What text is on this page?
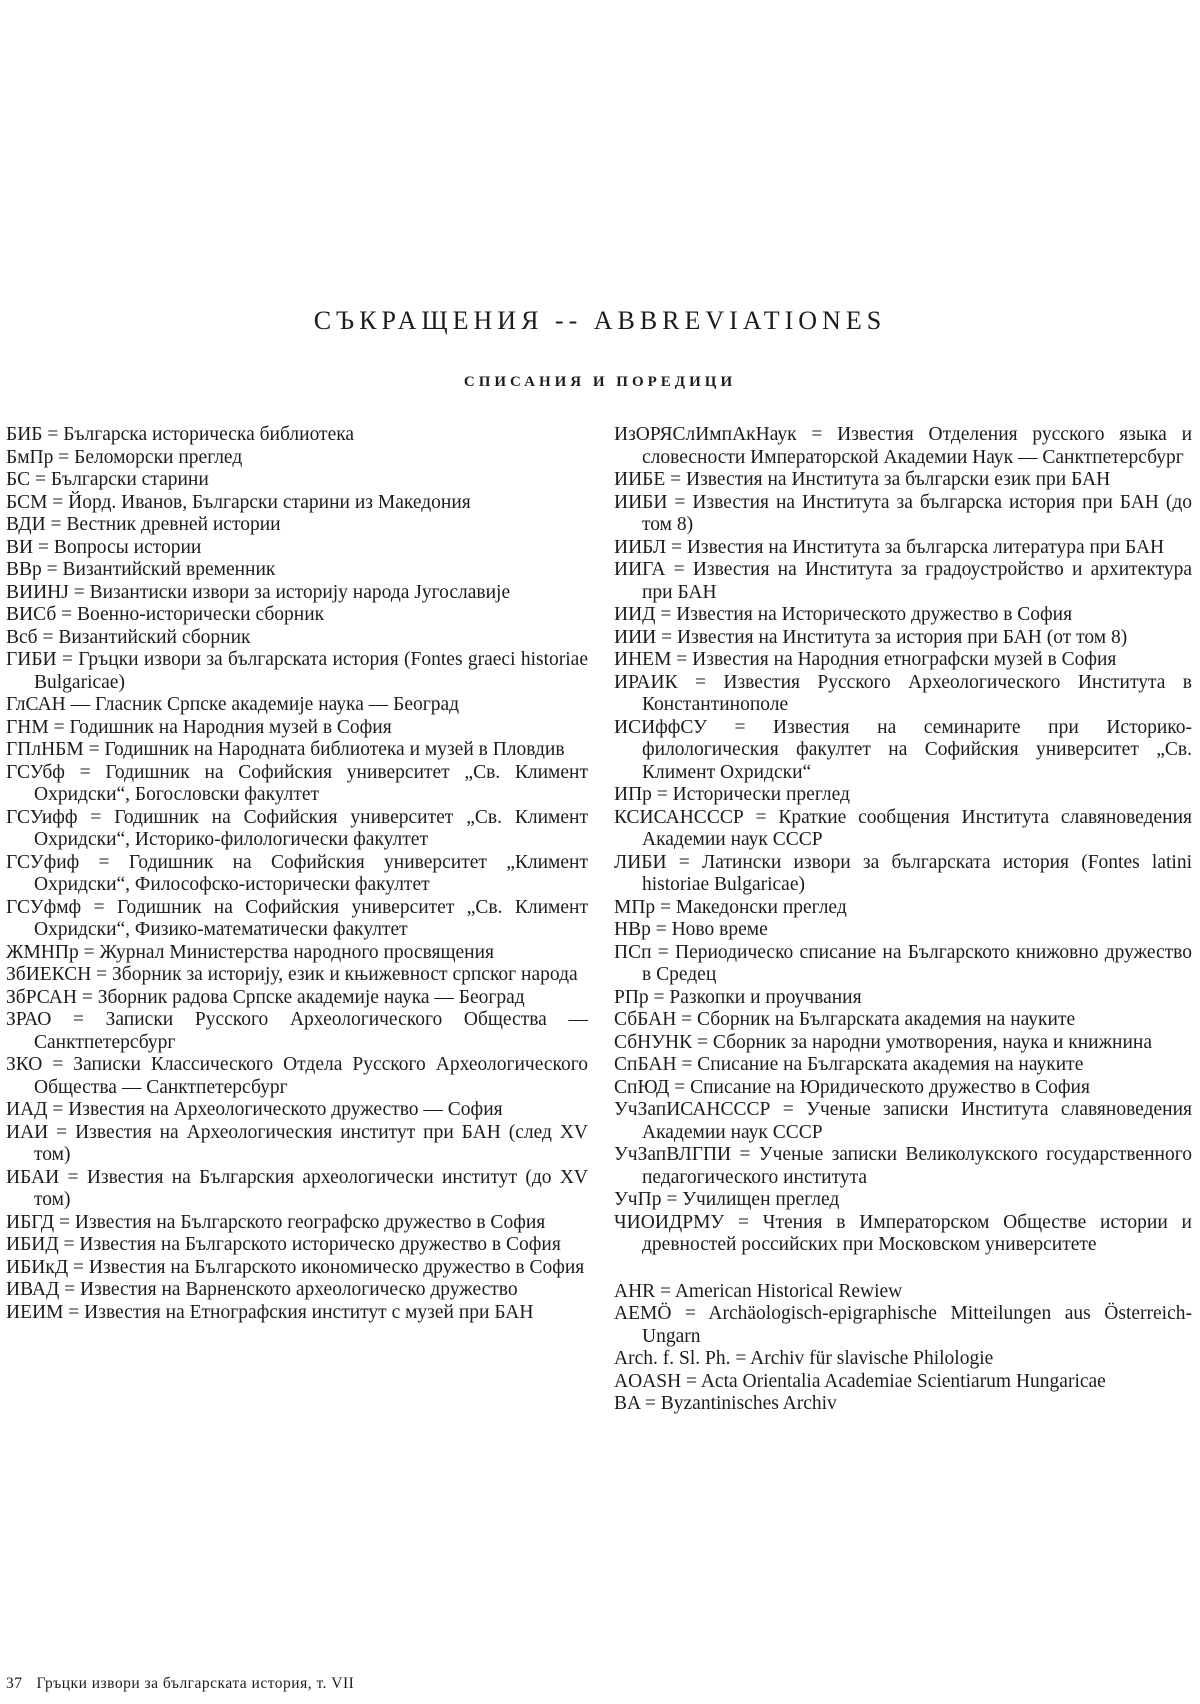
СЪКРАЩЕНИЯ -- ABBREVIATIONES
СПИСАНИЯ И ПОРЕДИЦИ

БИБ = Българска историческа библиотека

БмПр = Беломорски преглед

БС = Български старини

БСМ = Йорд. Иванов, Български старини из Македония

ВДИ = Вестник древней истории

ВИ = Вопросы истории

ВВр = Византийский временник

ВИИНЈ = Византиски извори за историју народа Југославије

ВИСб = Военно-исторически сборник

Вcб = Византийский сборник

ГИБИ = Гръцки извори за българската история (Fontes graeci historiae Bulgaricae)

ГлСАН — Гласник Српске академије наука — Београд

ГНМ = Годишник на Народния музей в София

ГПлНБМ = Годишник на Народната библиотека и музей в Пловдив

ГСУбф = Годишник на Софийския университет „Св. Климент Охридски“, Богословски факултет

ГСУифф = Годишник на Софийския университет „Св. Климент Охридски“, Историко-филологически факултет

ГСУфиф = Годишник на Софийския университет „Климент Охридски“, Философско-исторически факултет

ГСУфмф = Годишник на Софийския университет „Св. Климент Охридски“, Физико-математически факултет

ЖМНПр = Журнал Министерства народного просвящения

ЗбИЕКСН = Зборник за историју, език и књижевност српског народа

ЗбРСАН = Зборник радова Српске академије наука — Београд

ЗРАО = Записки Русского Археологического Общества — Санктпетерсбург

ЗКО = Записки Классического Отдела Русского Археологического Общества — Санктпетерсбург

ИАД = Известия на Археологическото дружество — София

ИАИ = Известия на Археологическия институт при БАН (след XV том)

ИБАИ = Известия на Българския археологически институт (до XV том)

ИБГД = Известия на Българското географско дружество в София

ИБИД = Известия на Българското историческо дружество в София

ИБИкД = Известия на Българското икономическо дружество в София

ИВАД = Известия на Варненското археологическо дружество

ИЕИМ = Известия на Етнографския институт с музей при БАН

ИзОРЯСлИмпАкНаук = Известия Отделения русского языка и словесности Императорской Академии Наук — Санктпетерсбург

ИИБЕ = Известия на Института за български език при БАН

ИИБИ = Известия на Института за българска история при БАН (до том 8)

ИИБЛ = Известия на Института за българска литература при БАН

ИИГА = Известия на Института за градоустройство и архитектура при БАН

ИИД = Известия на Историческото дружество в София

ИИИ = Известия на Института за история при БАН (от том 8)

ИНЕМ = Известия на Народния етнографски музей в София

ИРАИК = Известия Русского Археологического Института в Константинополе

ИСИффСУ = Известия на семинарите при Историко-филологическия факултет на Софийския университет „Св. Климент Охридски“

ИПр = Исторически преглед

КСИСАНСССР = Краткие сообщения Института славяноведения Академии наук СССР

ЛИБИ = Латински извори за българската история (Fontes latini historiae Bulgaricae)

МПр = Македонски преглед

НВр = Ново време

ПСп = Периодическо списание на Българското книжовно дружество в Средец

РПр = Разкопки и проучвания

СбБАН = Сборник на Българската академия на науките

СбНУНК = Сборник за народни умотворения, наука и книжнина

СпБАН = Списание на Българската академия на науките

СпЮД = Списание на Юридическото дружество в София

УчЗапИСАНСССР = Ученые записки Института славяноведения Академии наук СССР

УчЗапВЛГПИ = Ученые записки Великолукского государственного педагогического института

УчПр = Училищен преглед

ЧИОИДРМУ = Чтения в Императорском Обществе истории и древностей российских при Московском университете

AHR = American Historical Rewiew

AEMÖ = Archäologisch-epigraphische Mitteilungen aus Österreich-Ungarn

Arch. f. Sl. Ph. = Archiv für slavische Philologie

AOASH = Acta Orientalia Academiae Scientiarum Hungaricae

BA = Byzantinisches Archiv

37 Гръцки извори за българската история, т. VII
